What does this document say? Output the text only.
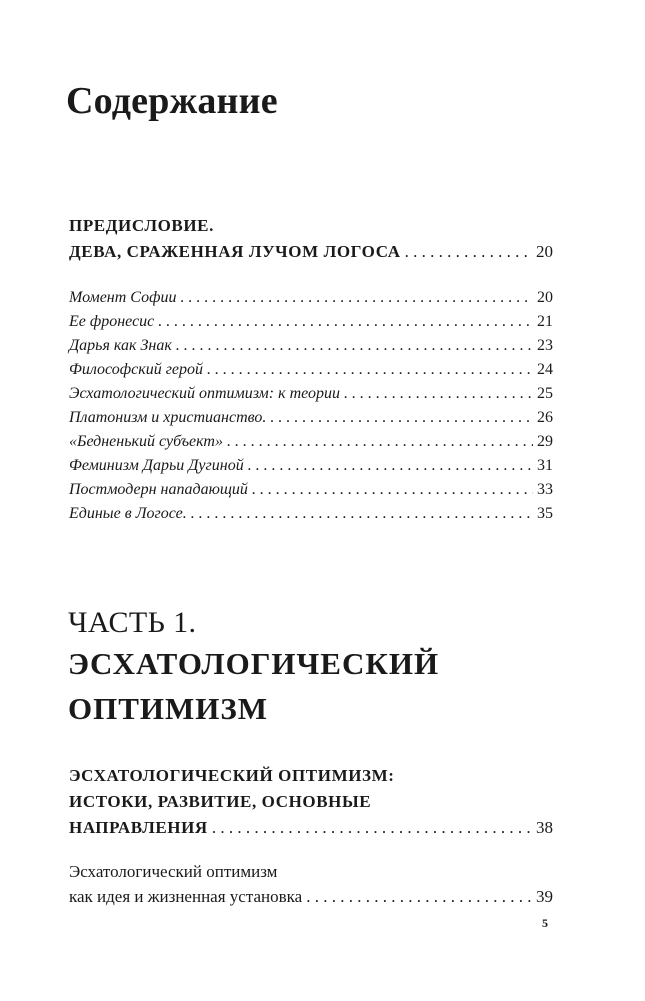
Содержание
ПРЕДИСЛОВИЕ.
ДЕВА, СРАЖЕННАЯ ЛУЧОМ ЛОГОСА . . .	20
Момент Софии . . .	20
Ее фронесис . . .	21
Дарья как Знак . . .	23
Философский герой . . .	24
Эсхатологический оптимизм: к теории . . .	25
Платонизм и христианство. . . .	26
«Бедненький субъект» . . .	29
Феминизм Дарьи Дугиной . . .	31
Постмодерн нападающий . . .	33
Единые в Логосе. . . .	35
ЧАСТЬ 1.
ЭСХАТОЛОГИЧЕСКИЙ
ОПТИМИЗМ
ЭСХАТОЛОГИЧЕСКИЙ ОПТИМИЗМ:
ИСТОКИ, РАЗВИТИЕ, ОСНОВНЫЕ
НАПРАВЛЕНИЯ . . .	38
Эсхатологический оптимизм
как идея и жизненная установка . . .	39
5
